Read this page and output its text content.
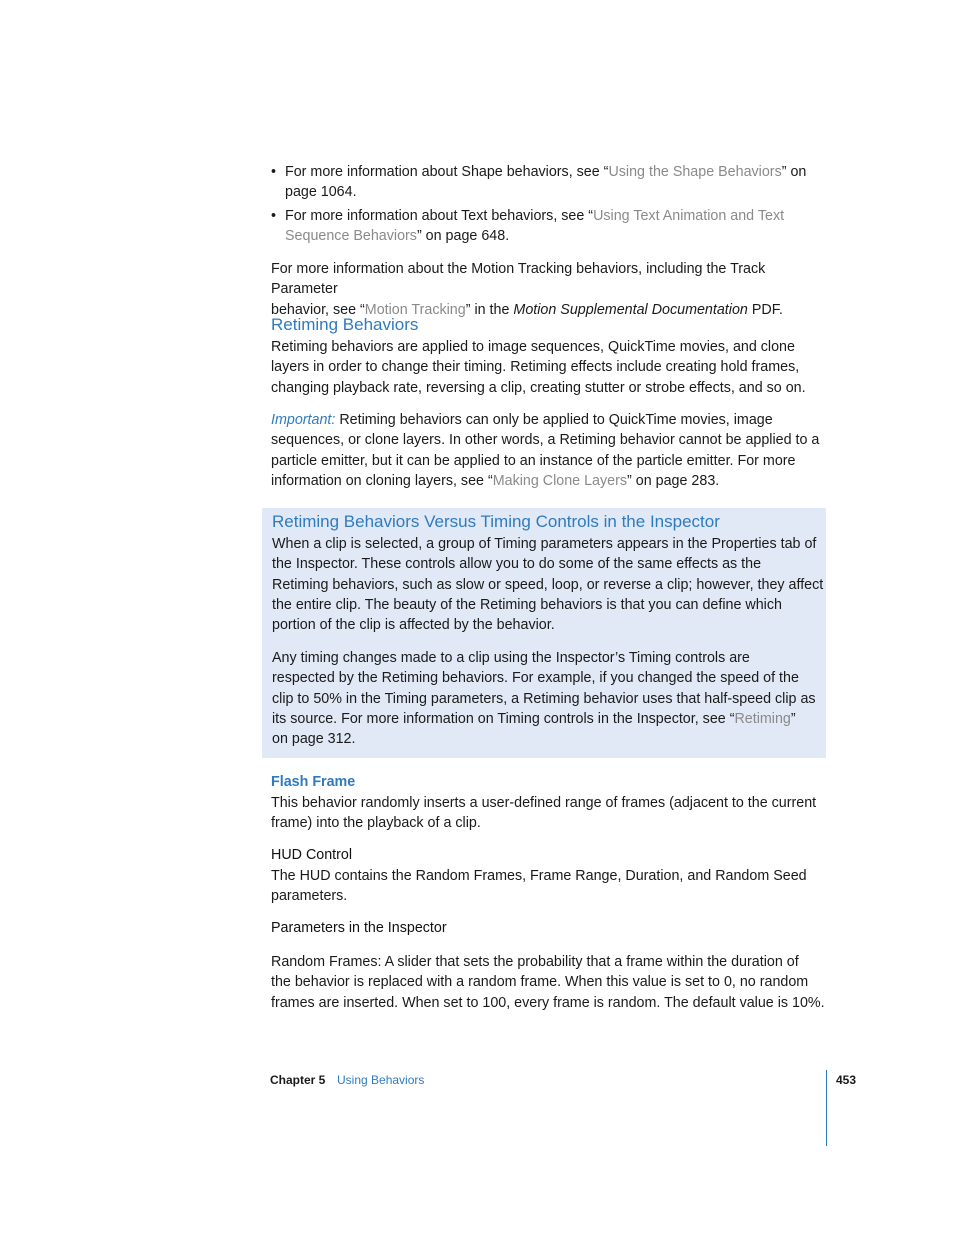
• For more information about Shape behaviors, see “Using the Shape Behaviors” on
page 1064.
• For more information about Text behaviors, see “Using Text Animation and Text
Sequence Behaviors” on page 648.

For more information about the Motion Tracking behaviors, including the Track Parameter
behavior, see “Motion Tracking” in the Motion Supplemental Documentation PDF.

Retiming Behaviors

Retiming behaviors are applied to image sequences, QuickTime movies, and clone
layers in order to change their timing. Retiming effects include creating hold frames,
changing playback rate, reversing a clip, creating stutter or strobe effects, and so on.

Important: Retiming behaviors can only be applied to QuickTime movies, image
sequences, or clone layers. In other words, a Retiming behavior cannot be applied to a
particle emitter, but it can be applied to an instance of the particle emitter. For more
information on cloning layers, see “Making Clone Layers” on page 283.

Retiming Behaviors Versus Timing Controls in the Inspector

When a clip is selected, a group of Timing parameters appears in the Properties tab of
the Inspector. These controls allow you to do some of the same effects as the
Retiming behaviors, such as slow or speed, loop, or reverse a clip; however, they affect
the entire clip. The beauty of the Retiming behaviors is that you can define which
portion of the clip is affected by the behavior.

Any timing changes made to a clip using the Inspector’s Timing controls are
respected by the Retiming behaviors. For example, if you changed the speed of the
clip to 50% in the Timing parameters, a Retiming behavior uses that half-speed clip as
its source. For more information on Timing controls in the Inspector, see “Retiming”
on page 312.

Flash Frame

This behavior randomly inserts a user-defined range of frames (adjacent to the current
frame) into the playback of a clip.

HUD Control

The HUD contains the Random Frames, Frame Range, Duration, and Random Seed
parameters.

Parameters in the Inspector

Random Frames: A slider that sets the probability that a frame within the duration of
the behavior is replaced with a random frame. When this value is set to 0, no random
frames are inserted. When set to 100, every frame is random. The default value is 10%.

Chapter 5 Using Behaviors	453
